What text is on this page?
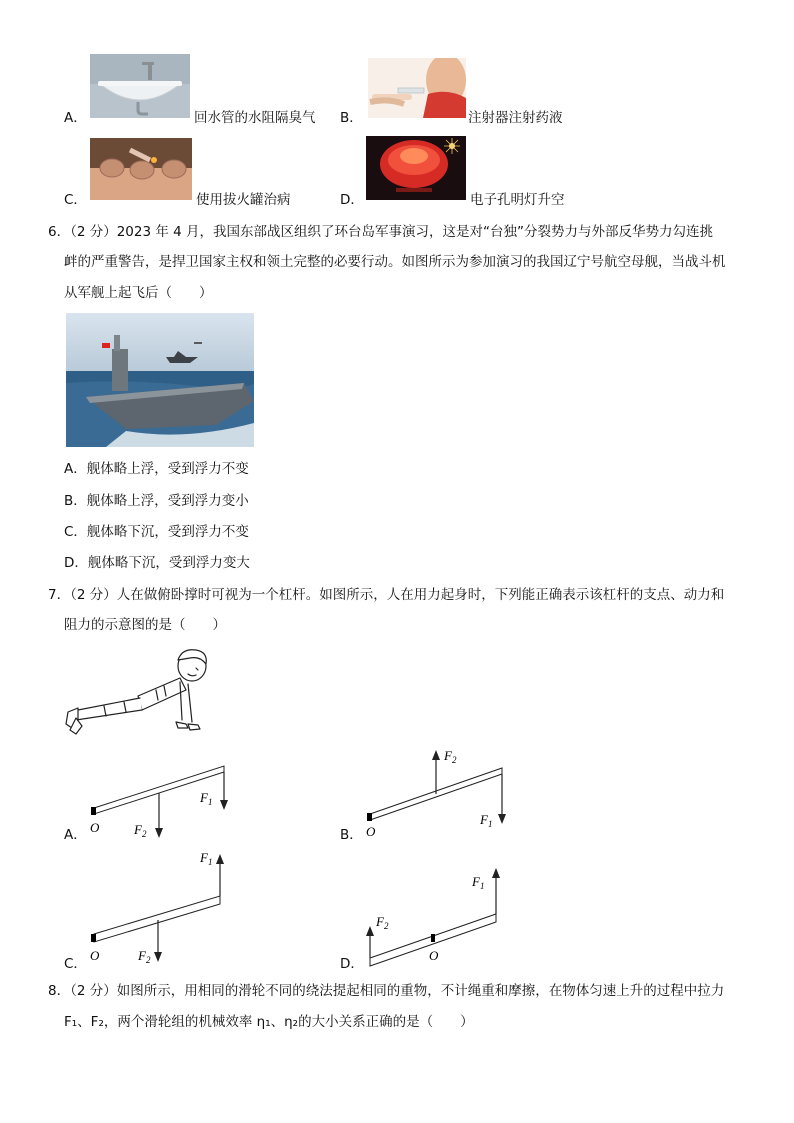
A．	回水管的水阻隔臭气 B．	注射器注射药液
C．	使用拔火罐治病	D．	电子孔明灯升空
6．（2 分）2023 年 4 月，我国东部战区组织了环台岛军事演习，这是对“台独”分裂势力与外部反华势力勾连挑
衅的严重警告，是捍卫国家主权和领土完整的必要行动。如图所示为参加演习的我国辽宁号航空母舰，当战斗机
从军舰上起飞后（　　）
A．舰体略上浮，受到浮力不变
B．舰体略上浮，受到浮力变小
C．舰体略下沉，受到浮力不变
D．舰体略下沉，受到浮力变大
7．（2 分）人在做俯卧撑时可视为一个杠杆。如图所示，人在用力起身时，下列能正确表示该杠杆的支点、动力和
阻力的示意图的是（　　）
A． O
$F_1$
$F_2$	B． O
$F_1$
$F_2$
C．
O
$F_1$
$F_2$	D．
O
$F_1$
$F_2$
8．（2 分）如图所示，用相同的滑轮不同的绕法提起相同的重物，不计绳重和摩擦，在物体匀速上升的过程中拉力
F₁、F₂，两个滑轮组的机械效率 η₁、η₂的大小关系正确的是（　　）
